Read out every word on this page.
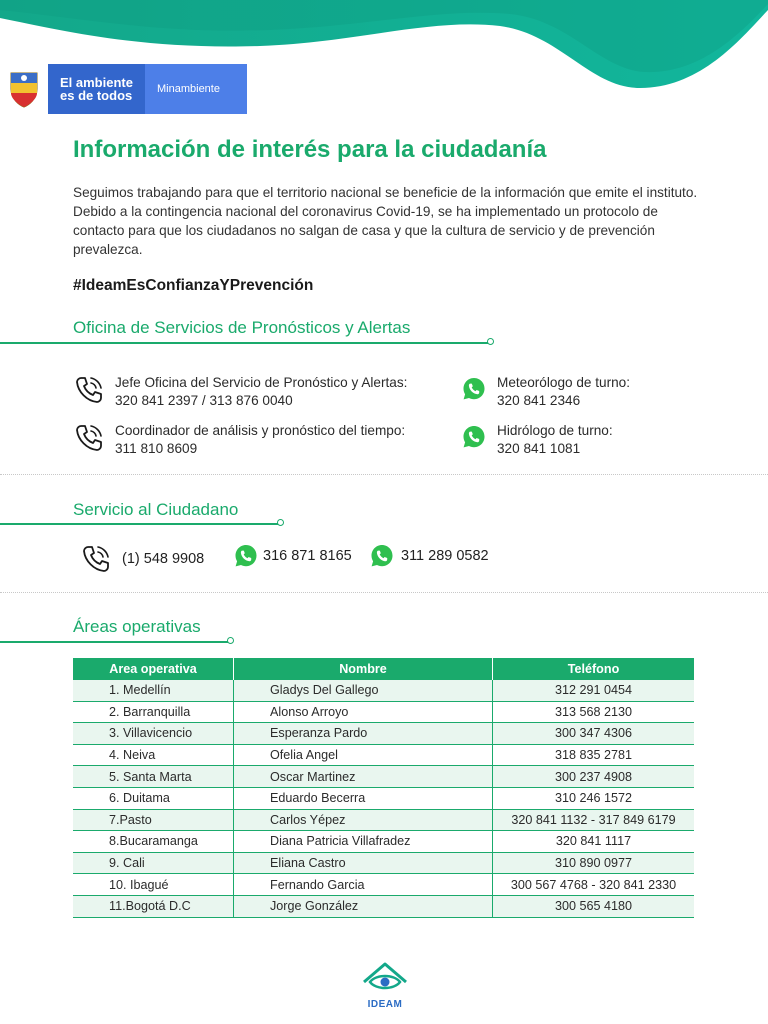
El ambiente
es de todos	Minambiente
Información de interés para la ciudadanía

Seguimos trabajando para que el territorio nacional se beneficie de la información que emite el instituto. Debido a la contingencia nacional del coronavirus Covid-19, se ha implementado un protocolo de contacto para que los ciudadanos no salgan de casa y que la cultura de servicio y de prevención prevalezca.

#IdeamEsConfianzaYPrevención
Oficina de Servicios de Pronósticos y Alertas
Jefe Oficina del Servicio de Pronóstico y Alertas:
320 841 2397 / 313 876 0040
Meteorólogo de turno:
320 841 2346
Coordinador de análisis y pronóstico del tiempo:
311 810 8609
Hidrólogo de turno:
320 841 1081
Servicio al Ciudadano
(1) 548 9908	316 871 8165	311 289 0582
Áreas operativas
Area operativa	Nombre	Teléfono
1. Medellín	Gladys Del Gallego	312 291 0454
2. Barranquilla	Alonso Arroyo	313 568 2130
3. Villavicencio	Esperanza Pardo	300 347 4306
4. Neiva	Ofelia Angel	318 835 2781
5. Santa Marta	Oscar Martinez	300 237 4908
6. Duitama	Eduardo Becerra	310 246 1572
7.Pasto	Carlos Yépez	320 841 1132 - 317 849 6179
8.Bucaramanga	Diana Patricia Villafradez	320 841 1117
9. Cali	Eliana Castro	310 890 0977
10. Ibagué	Fernando Garcia	300 567 4768 - 320 841 2330
11.Bogotá D.C	Jorge González	300 565 4180
IDEAM
